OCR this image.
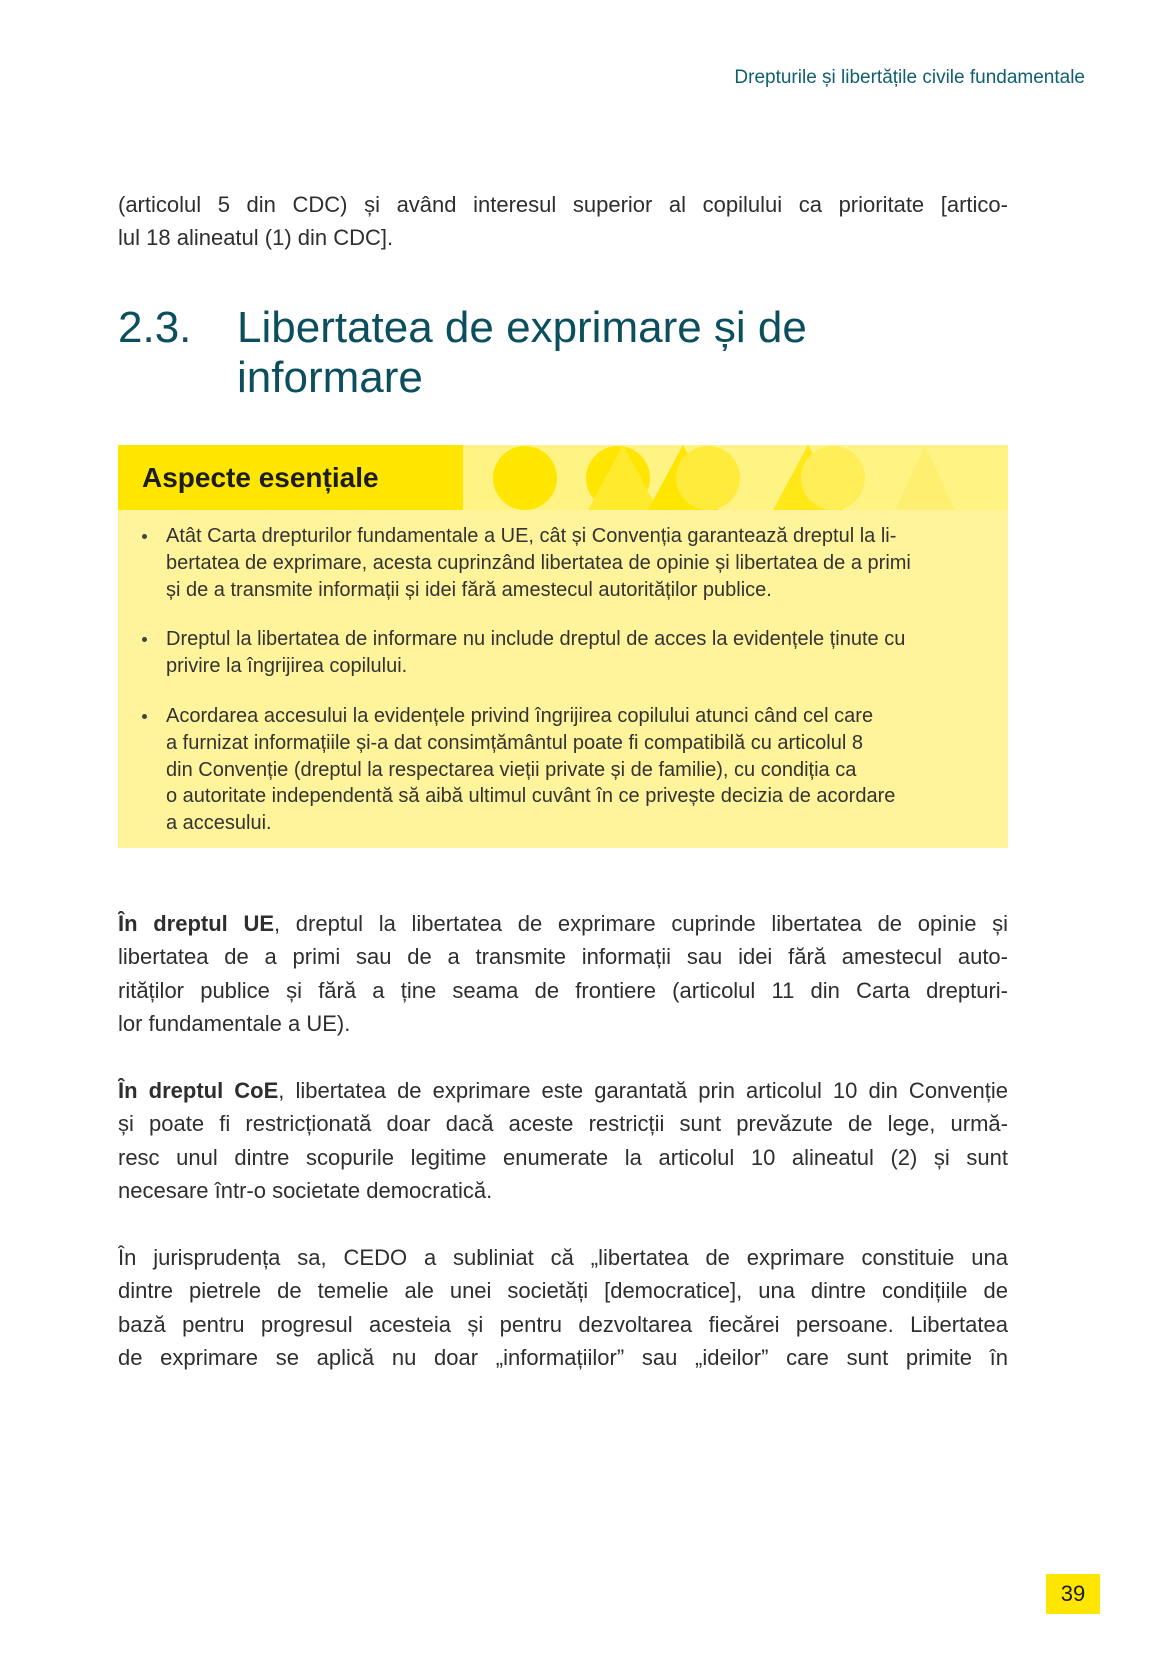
Drepturile și libertățile civile fundamentale
(articolul 5 din CDC) și având interesul superior al copilului ca prioritate [artico-
lul 18 alineatul (1) din CDC].
2.3. Libertatea de exprimare și de
informare
Aspecte esențiale
Atât Carta drepturilor fundamentale a UE, cât și Convenția garantează dreptul la li-
bertatea de exprimare, acesta cuprinzând libertatea de opinie și libertatea de a primi
și de a transmite informații și idei fără amestecul autorităților publice.
Dreptul la libertatea de informare nu include dreptul de acces la evidențele ținute cu
privire la îngrijirea copilului.
Acordarea accesului la evidențele privind îngrijirea copilului atunci când cel care
a furnizat informațiile și-a dat consimțământul poate fi compatibilă cu articolul 8
din Convenție (dreptul la respectarea vieții private și de familie), cu condiția ca
o autoritate independentă să aibă ultimul cuvânt în ce privește decizia de acordare
a accesului.
În dreptul UE, dreptul la libertatea de exprimare cuprinde libertatea de opinie și
libertatea de a primi sau de a transmite informații sau idei fără amestecul auto-
rităților publice și fără a ține seama de frontiere (articolul 11 din Carta drepturi-
lor fundamentale a UE).
În dreptul CoE, libertatea de exprimare este garantată prin articolul 10 din Convenție
și poate fi restricționată doar dacă aceste restricții sunt prevăzute de lege, urmă-
resc unul dintre scopurile legitime enumerate la articolul 10 alineatul (2) și sunt
necesare într-o societate democratică.
În jurisprudența sa, CEDO a subliniat că „libertatea de exprimare constituie una
dintre pietrele de temelie ale unei societăți [democratice], una dintre condițiile de
bază pentru progresul acesteia și pentru dezvoltarea fiecărei persoane. Libertatea
de exprimare se aplică nu doar „informațiilor” sau „ideilor” care sunt primite în
39
